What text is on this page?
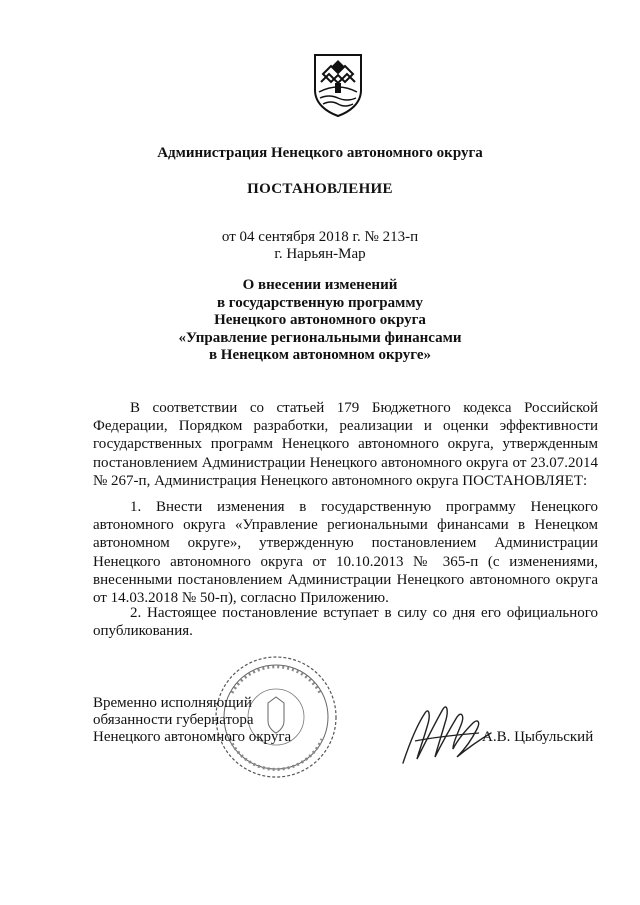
Администрация Ненецкого автономного округа
ПОСТАНОВЛЕНИЕ
от 04 сентября 2018 г. № 213-п
г. Нарьян-Мар
О внесении изменений
в государственную программу
Ненецкого автономного округа
«Управление региональными финансами
в Ненецком автономном округе»
В соответствии со статьей 179 Бюджетного кодекса Российской Федерации, Порядком разработки, реализации и оценки эффективности государственных программ Ненецкого автономного округа, утвержденным постановлением Администрации Ненецкого автономного округа от 23.07.2014 № 267-п, Администрация Ненецкого автономного округа ПОСТАНОВЛЯЕТ:
1. Внести изменения в государственную программу Ненецкого автономного округа «Управление региональными финансами в Ненецком автономном округе», утвержденную постановлением Администрации Ненецкого автономного округа от 10.10.2013 № 365-п (с изменениями, внесенными постановлением Администрации Ненецкого автономного округа от 14.03.2018 № 50-п), согласно Приложению.
2. Настоящее постановление вступает в силу со дня его официального опубликования.
Временно исполняющий
обязанности губернатора
Ненецкого автономного округа	А.В. Цыбульский
